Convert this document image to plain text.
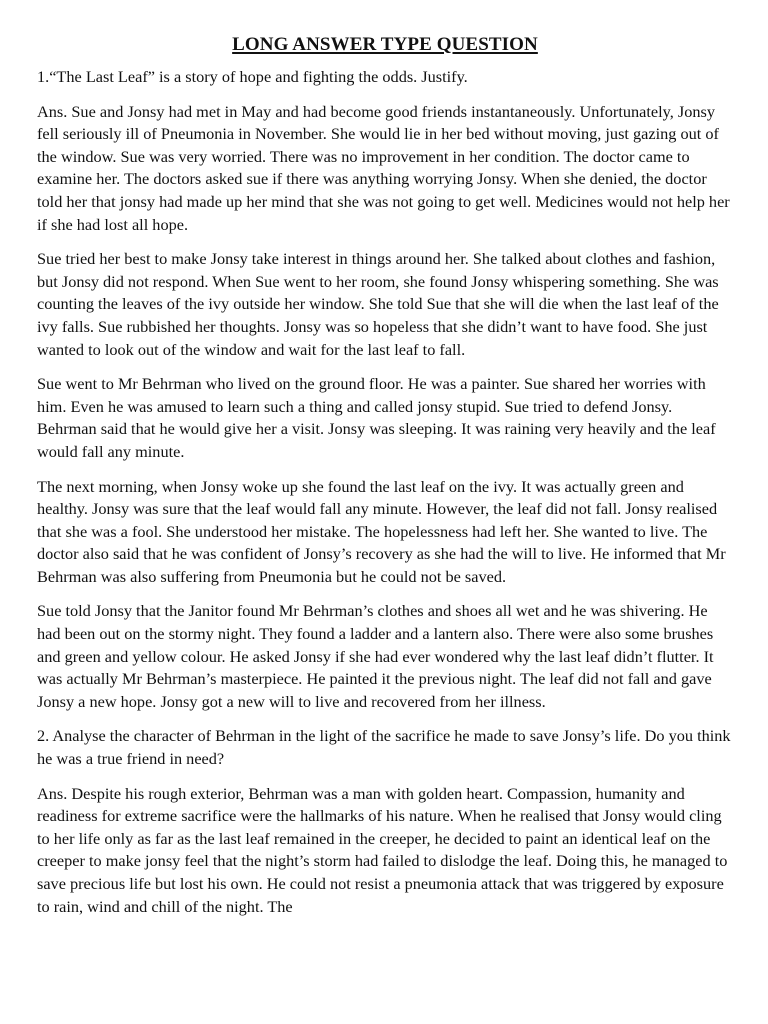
LONG ANSWER TYPE QUESTION

1.“The Last Leaf” is a story of hope and fighting the odds. Justify.

Ans. Sue and Jonsy had met in May and had become good friends instantaneously. Unfortunately, Jonsy fell seriously ill of Pneumonia in November. She would lie in her bed without moving, just gazing out of the window. Sue was very worried. There was no improvement in her condition. The doctor came to examine her. The doctors asked sue if there was anything worrying Jonsy. When she denied, the doctor told her that jonsy had made up her mind that she was not going to get well. Medicines would not help her if she had lost all hope.

Sue tried her best to make Jonsy take interest in things around her. She talked about clothes and fashion, but Jonsy did not respond. When Sue went to her room, she found Jonsy whispering something. She was counting the leaves of the ivy outside her window. She told Sue that she will die when the last leaf of the ivy falls. Sue rubbished her thoughts. Jonsy was so hopeless that she didn’t want to have food. She just wanted to look out of the window and wait for the last leaf to fall.

Sue went to Mr Behrman who lived on the ground floor. He was a painter. Sue shared her worries with him. Even he was amused to learn such a thing and called jonsy stupid. Sue tried to defend Jonsy. Behrman said that he would give her a visit. Jonsy was sleeping. It was raining very heavily and the leaf would fall any minute.

The next morning, when Jonsy woke up she found the last leaf on the ivy. It was actually green and healthy. Jonsy was sure that the leaf would fall any minute. However, the leaf did not fall. Jonsy realised that she was a fool. She understood her mistake. The hopelessness had left her. She wanted to live. The doctor also said that he was confident of Jonsy’s recovery as she had the will to live. He informed that Mr Behrman was also suffering from Pneumonia but he could not be saved.

Sue told Jonsy that the Janitor found Mr Behrman’s clothes and shoes all wet and he was shivering. He had been out on the stormy night. They found a ladder and a lantern also. There were also some brushes and green and yellow colour. He asked Jonsy if she had ever wondered why the last leaf didn’t flutter. It was actually Mr Behrman’s masterpiece. He painted it the previous night. The leaf did not fall and gave Jonsy a new hope. Jonsy got a new will to live and recovered from her illness.

2. Analyse the character of Behrman in the light of the sacrifice he made to save Jonsy’s life. Do you think he was a true friend in need?

Ans. Despite his rough exterior, Behrman was a man with golden heart. Compassion, humanity and readiness for extreme sacrifice were the hallmarks of his nature. When he realised that Jonsy would cling to her life only as far as the last leaf remained in the creeper, he decided to paint an identical leaf on the creeper to make jonsy feel that the night’s storm had failed to dislodge the leaf. Doing this, he managed to save precious life but lost his own. He could not resist a pneumonia attack that was triggered by exposure to rain, wind and chill of the night. The
